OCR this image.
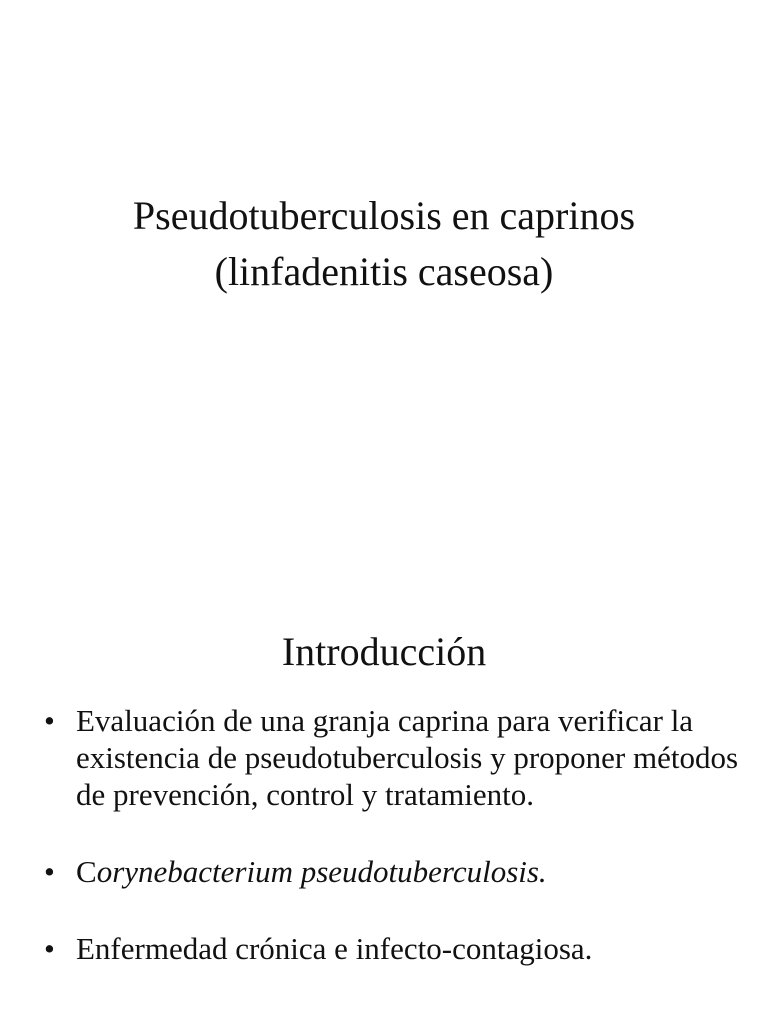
Pseudotuberculosis en caprinos
(linfadenitis caseosa)
Introducción
• Evaluación de una granja caprina para verificar la existencia de pseudotuberculosis y proponer métodos de prevención, control y tratamiento.
• Corynebacterium pseudotuberculosis.
• Enfermedad crónica e infecto-contagiosa.
